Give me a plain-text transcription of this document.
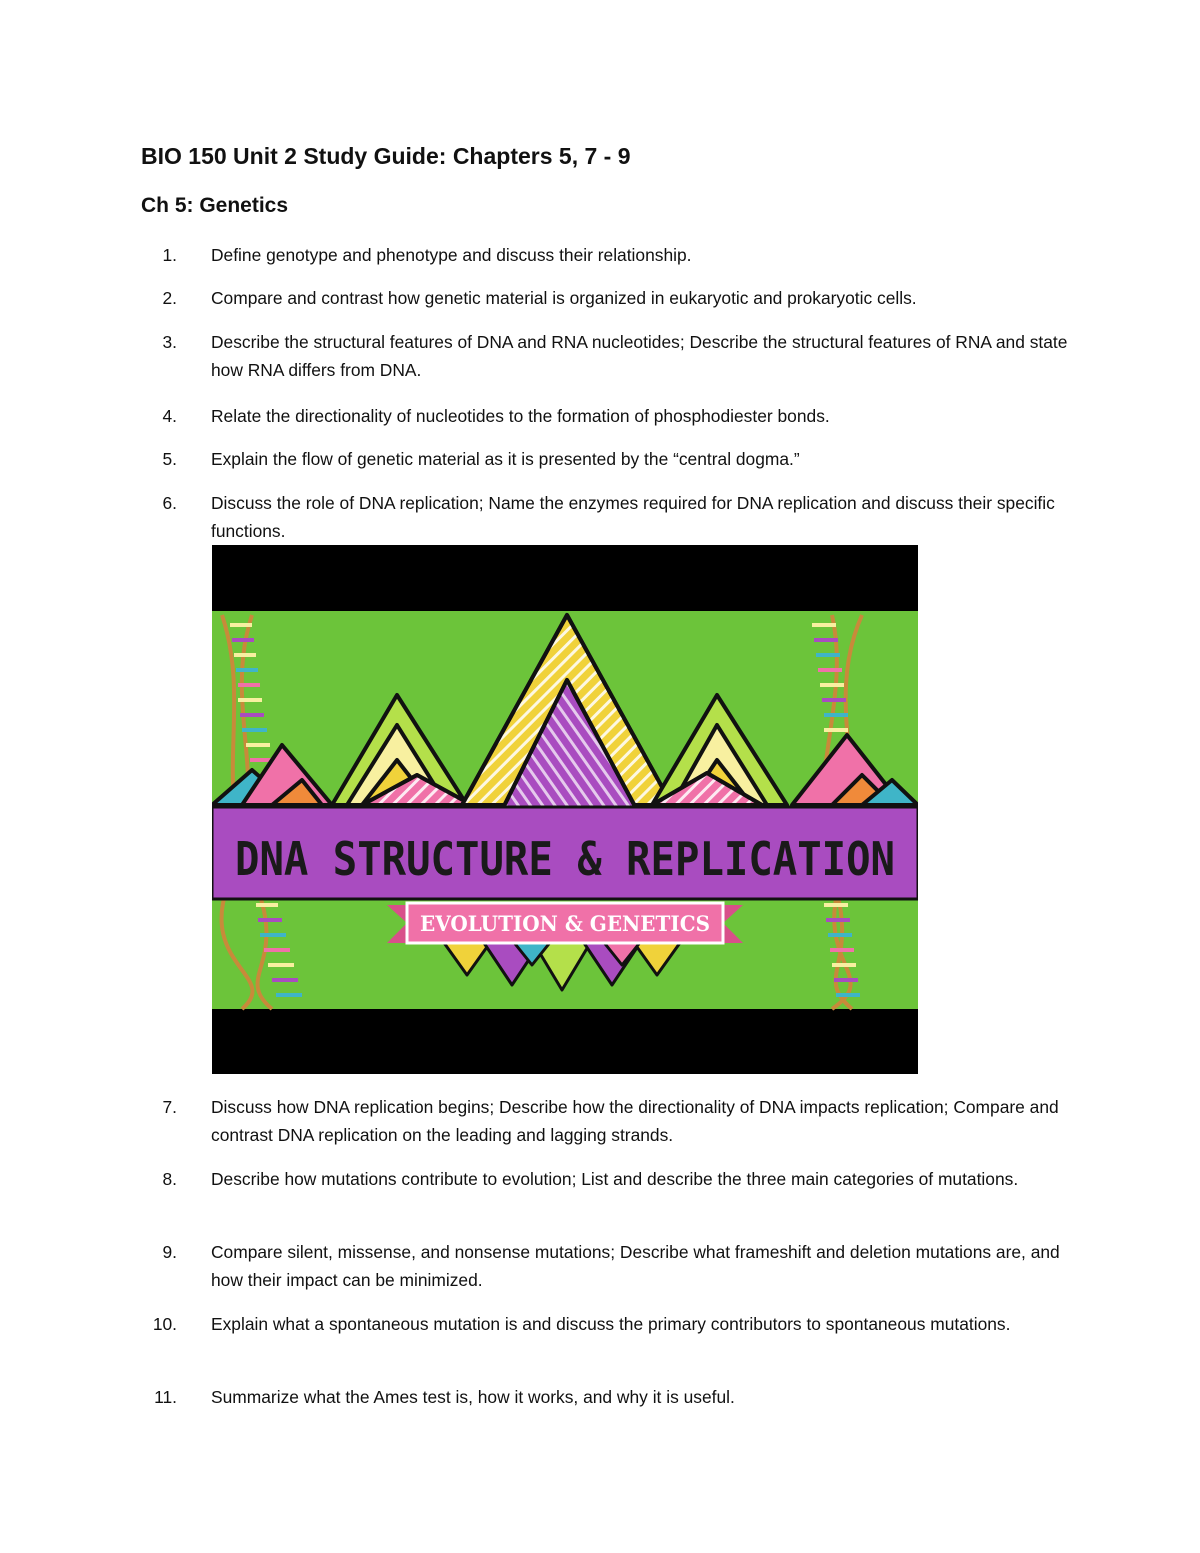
BIO 150 Unit 2 Study Guide: Chapters 5, 7 - 9
Ch 5: Genetics
1. Define genotype and phenotype and discuss their relationship.
2. Compare and contrast how genetic material is organized in eukaryotic and prokaryotic cells.
3. Describe the structural features of DNA and RNA nucleotides; Describe the structural features of RNA and state how RNA differs from DNA.
4. Relate the directionality of nucleotides to the formation of phosphodiester bonds.
5. Explain the flow of genetic material as it is presented by the “central dogma.”
6. Discuss the role of DNA replication; Name the enzymes required for DNA replication and discuss their specific functions.
DNA STRUCTURE & REPLICATION
EVOLUTION & GENETICS
7. Discuss how DNA replication begins; Describe how the directionality of DNA impacts replication; Compare and contrast DNA replication on the leading and lagging strands.
8. Describe how mutations contribute to evolution; List and describe the three main categories of mutations.
9. Compare silent, missense, and nonsense mutations; Describe what frameshift and deletion mutations are, and how their impact can be minimized.
10. Explain what a spontaneous mutation is and discuss the primary contributors to spontaneous mutations.
11. Summarize what the Ames test is, how it works, and why it is useful.
